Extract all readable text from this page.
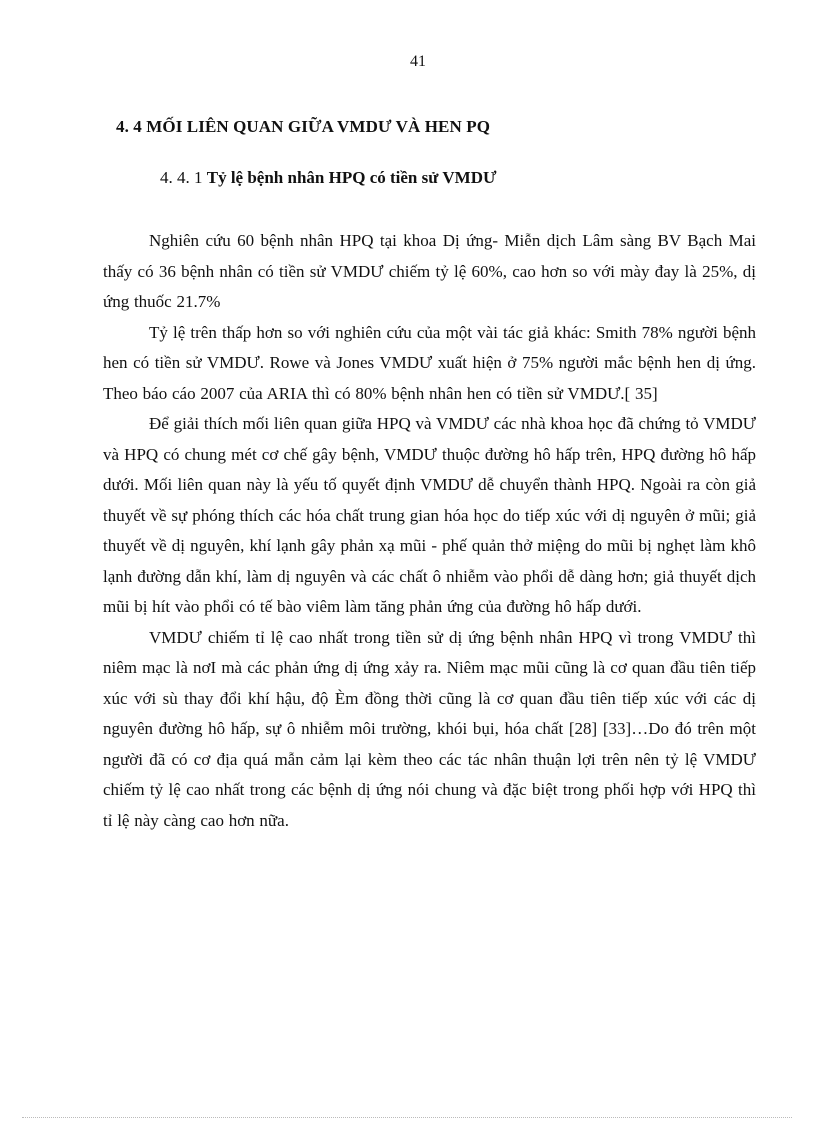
41
4. 4 MỐI LIÊN QUAN GIỮA VMDƯ VÀ HEN PQ
4. 4. 1 Tỷ lệ bệnh nhân HPQ có tiền sử VMDƯ

Nghiên cứu 60 bệnh nhân HPQ tại khoa Dị ứng- Miễn dịch Lâm sàng BV Bạch Mai thấy có 36 bệnh nhân có tiền sử VMDƯ chiếm tỷ lệ 60%, cao hơn so với mày đay là 25%, dị ứng thuốc 21.7%

Tỷ lệ trên thấp hơn so với nghiên cứu của một vài tác giả khác: Smith 78% người bệnh hen có tiền sử VMDƯ. Rowe và Jones VMDƯ xuất hiện ở 75% người mắc bệnh hen dị ứng. Theo báo cáo 2007 của ARIA thì có 80% bệnh nhân hen có tiền sử VMDƯ.[ 35]

Để giải thích mối liên quan giữa HPQ và VMDƯ các nhà khoa học đã chứng tỏ VMDƯ và HPQ có chung mét cơ chế gây bệnh, VMDƯ thuộc đường hô hấp trên, HPQ đường hô hấp dưới. Mối liên quan này là yếu tố quyết định VMDƯ dễ chuyển thành HPQ. Ngoài ra còn giả thuyết về sự phóng thích các hóa chất trung gian hóa học do tiếp xúc với dị nguyên ở mũi; giả thuyết về dị nguyên, khí lạnh gây phản xạ mũi - phế quản thở miệng do mũi bị nghẹt làm khô lạnh đường dẫn khí, làm dị nguyên và các chất ô nhiễm vào phổi dễ dàng hơn; giả thuyết dịch mũi bị hít vào phổi có tế bào viêm làm tăng phản ứng của đường hô hấp dưới.

VMDƯ chiếm tỉ lệ cao nhất trong tiền sử dị ứng bệnh nhân HPQ vì trong VMDƯ thì niêm mạc là nơI mà các phản ứng dị ứng xảy ra. Niêm mạc mũi cũng là cơ quan đầu tiên tiếp xúc với sù thay đổi khí hậu, độ Èm đồng thời cũng là cơ quan đầu tiên tiếp xúc với các dị nguyên đường hô hấp, sự ô nhiễm môi trường, khói bụi, hóa chất [28] [33]…Do đó trên một người đã có cơ địa quá mẫn cảm lại kèm theo các tác nhân thuận lợi trên nên tỷ lệ VMDƯ chiếm tỷ lệ cao nhất trong các bệnh dị ứng nói chung và đặc biệt trong phối hợp với HPQ thì tỉ lệ này càng cao hơn nữa.
